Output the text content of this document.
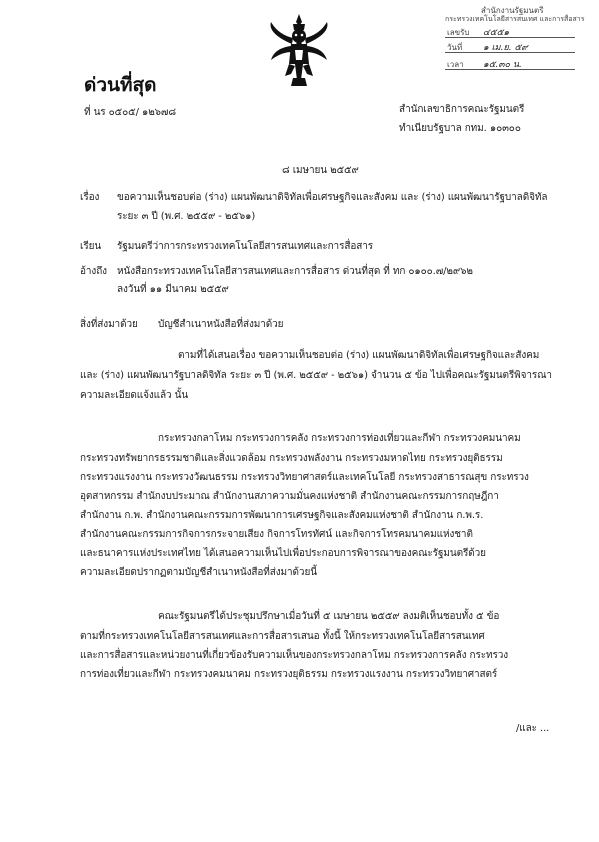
สำนักงานรัฐมนตรี
กระทรวงเทคโนโลยีสารสนเทศ และการสื่อสาร
เลขรับ ๔๕๕๑
วันที่ ๑ เม.ย. ๕๙
เวลา ๑๕.๓๐ น.
ด่วนที่สุด
ที่ นร ๐๕๐๕/ ๑๒๖๗๘	สำนักเลขาธิการคณะรัฐมนตรี
ทำเนียบรัฐบาล กทม. ๑๐๓๐๐
๘ เมษายน ๒๕๕๙
เรื่อง ขอความเห็นชอบต่อ (ร่าง) แผนพัฒนาดิจิทัลเพื่อเศรษฐกิจและสังคม และ (ร่าง) แผนพัฒนารัฐบาลดิจิทัล
ระยะ ๓ ปี (พ.ศ. ๒๕๕๙ - ๒๕๖๑)
เรียน รัฐมนตรีว่าการกระทรวงเทคโนโลยีสารสนเทศและการสื่อสาร
อ้างถึง หนังสือกระทรวงเทคโนโลยีสารสนเทศและการสื่อสาร ด่วนที่สุด ที่ ทก ๐๑๐๐.๗/๒๙๖๒
ลงวันที่ ๑๑ มีนาคม ๒๕๕๙
สิ่งที่ส่งมาด้วย บัญชีสำเนาหนังสือที่ส่งมาด้วย
ตามที่ได้เสนอเรื่อง ขอความเห็นชอบต่อ (ร่าง) แผนพัฒนาดิจิทัลเพื่อเศรษฐกิจและสังคม
และ (ร่าง) แผนพัฒนารัฐบาลดิจิทัล ระยะ ๓ ปี (พ.ศ. ๒๕๕๙ - ๒๕๖๑) จำนวน ๕ ข้อ ไปเพื่อคณะรัฐมนตรีพิจารณา
ความละเอียดแจ้งแล้ว นั้น
กระทรวงกลาโหม กระทรวงการคลัง กระทรวงการท่องเที่ยวและกีฬา กระทรวงคมนาคม
กระทรวงทรัพยากรธรรมชาติและสิ่งแวดล้อม กระทรวงพลังงาน กระทรวงมหาดไทย กระทรวงยุติธรรม
กระทรวงแรงงาน กระทรวงวัฒนธรรม กระทรวงวิทยาศาสตร์และเทคโนโลยี กระทรวงสาธารณสุข กระทรวง
อุตสาหกรรม สำนักงบประมาณ สำนักงานสภาความมั่นคงแห่งชาติ สำนักงานคณะกรรมการกฤษฎีกา
สำนักงาน ก.พ. สำนักงานคณะกรรมการพัฒนาการเศรษฐกิจและสังคมแห่งชาติ สำนักงาน ก.พ.ร.
สำนักงานคณะกรรมการกิจการกระจายเสียง กิจการโทรทัศน์ และกิจการโทรคมนาคมแห่งชาติ
และธนาคารแห่งประเทศไทย ได้เสนอความเห็นไปเพื่อประกอบการพิจารณาของคณะรัฐมนตรีด้วย
ความละเอียดปรากฏตามบัญชีสำเนาหนังสือที่ส่งมาด้วยนี้
คณะรัฐมนตรีได้ประชุมปรึกษาเมื่อวันที่ ๕ เมษายน ๒๕๕๙ ลงมติเห็นชอบทั้ง ๕ ข้อ
ตามที่กระทรวงเทคโนโลยีสารสนเทศและการสื่อสารเสนอ ทั้งนี้ ให้กระทรวงเทคโนโลยีสารสนเทศ
และการสื่อสารและหน่วยงานที่เกี่ยวข้องรับความเห็นของกระทรวงกลาโหม กระทรวงการคลัง กระทรวง
การท่องเที่ยวและกีฬา กระทรวงคมนาคม กระทรวงยุติธรรม กระทรวงแรงงาน กระทรวงวิทยาศาสตร์
/และ ...
